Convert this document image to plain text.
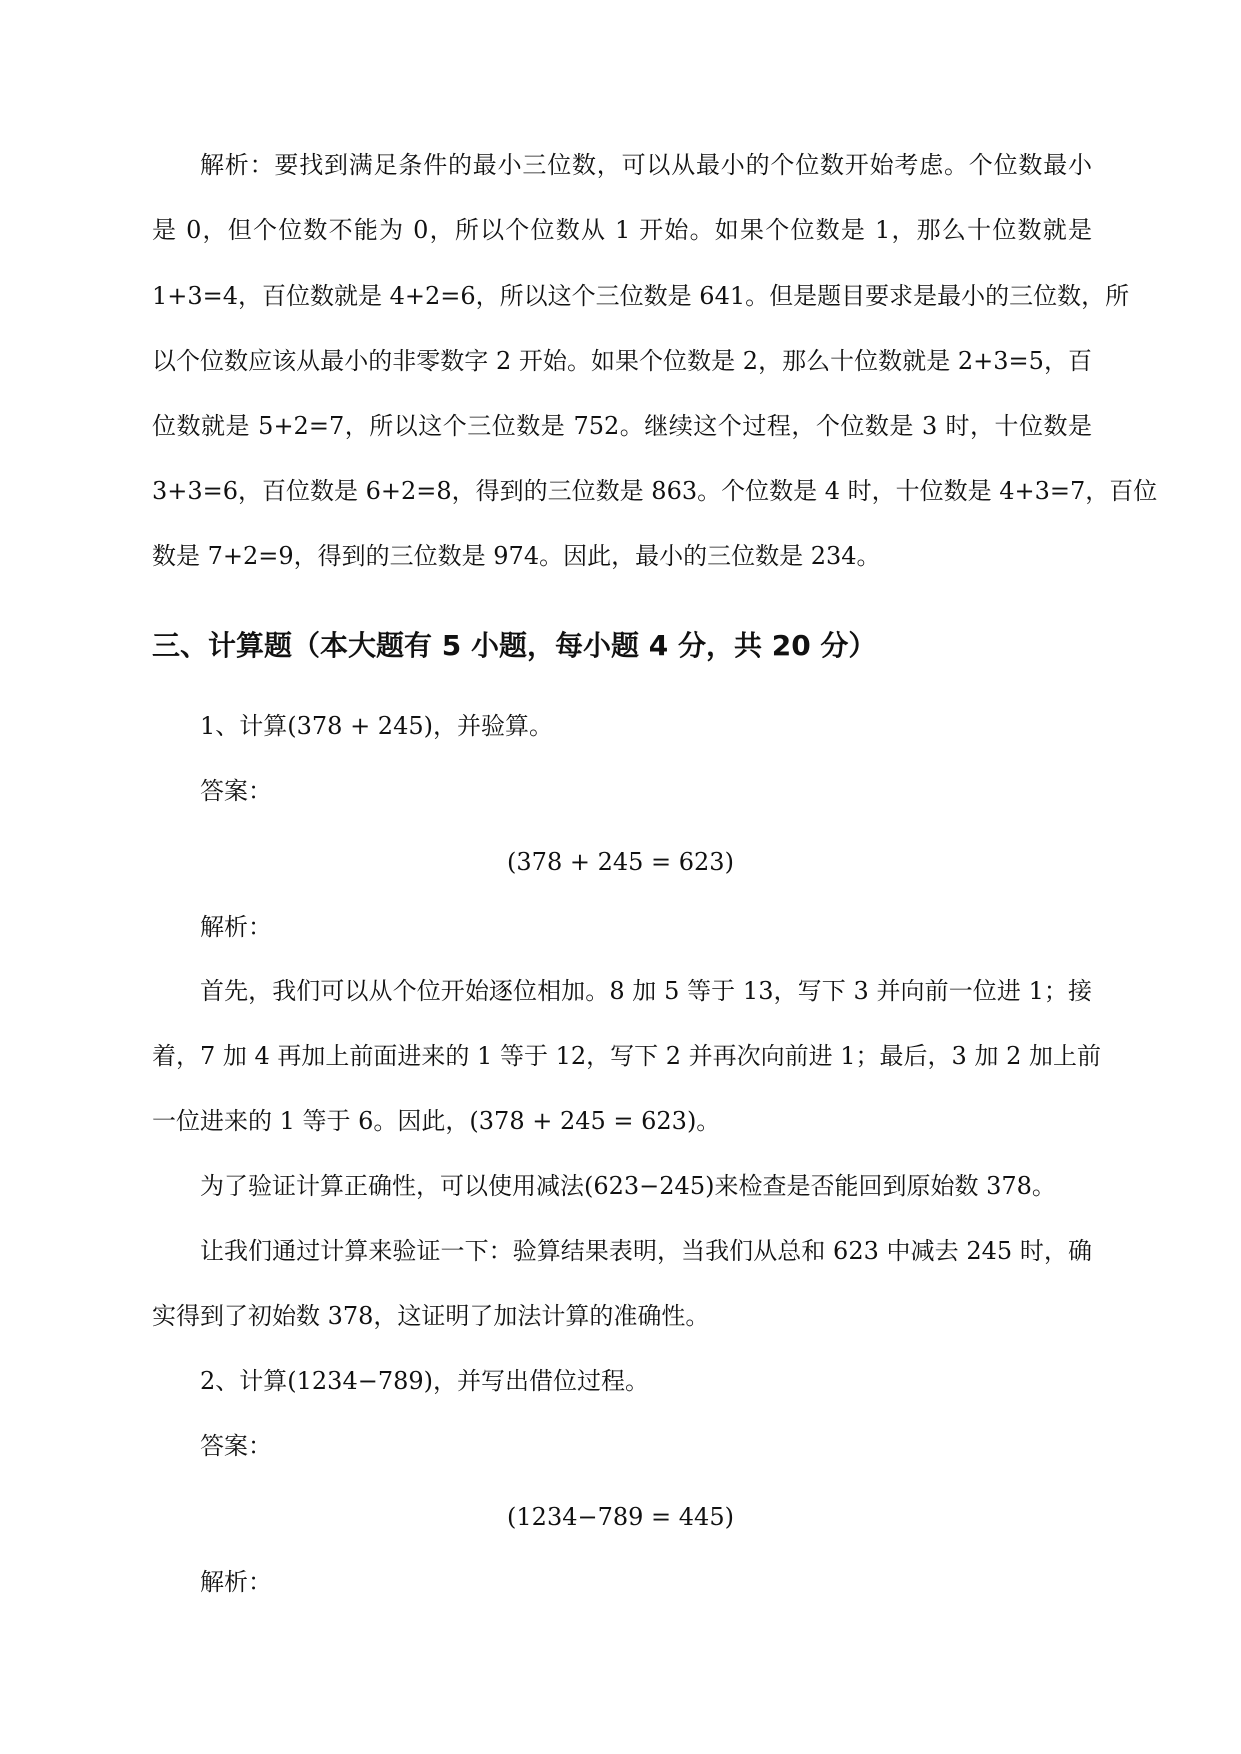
解析：要找到满足条件的最小三位数，可以从最小的个位数开始考虑。个位数最小
是 0，但个位数不能为 0，所以个位数从 1 开始。如果个位数是 1，那么十位数就是
1+3=4，百位数就是 4+2=6，所以这个三位数是 641。但是题目要求是最小的三位数，所
以个位数应该从最小的非零数字 2 开始。如果个位数是 2，那么十位数就是 2+3=5，百
位数就是 5+2=7，所以这个三位数是 752。继续这个过程，个位数是 3 时，十位数是
3+3=6，百位数是 6+2=8，得到的三位数是 863。个位数是 4 时，十位数是 4+3=7，百位
数是 7+2=9，得到的三位数是 974。因此，最小的三位数是 234。
三、计算题（本大题有 5 小题，每小题 4 分，共 20 分）
1、计算(378 + 245)，并验算。
答案：
(378 + 245 = 623)
解析：
首先，我们可以从个位开始逐位相加。8 加 5 等于 13，写下 3 并向前一位进 1；接
着，7 加 4 再加上前面进来的 1 等于 12，写下 2 并再次向前进 1；最后，3 加 2 加上前
一位进来的 1 等于 6。因此，(378 + 245 = 623)。
为了验证计算正确性，可以使用减法(623−245)来检查是否能回到原始数 378。
让我们通过计算来验证一下：验算结果表明，当我们从总和 623 中减去 245 时，确
实得到了初始数 378，这证明了加法计算的准确性。
2、计算(1234−789)，并写出借位过程。
答案：
(1234−789 = 445)
解析：
